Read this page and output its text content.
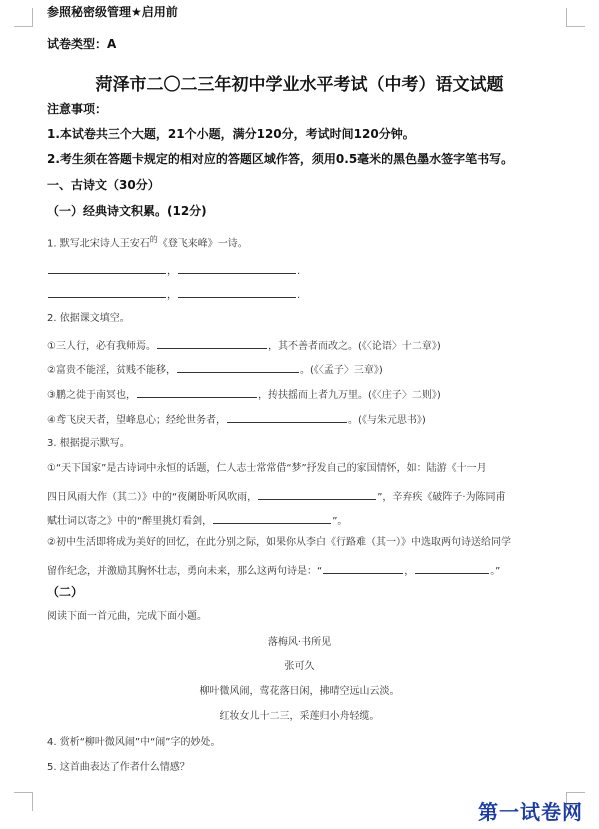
参照秘密级管理★启用前
试卷类型：A
菏泽市二〇二三年初中学业水平考试（中考）语文试题
注意事项：
1.本试卷共三个大题，21个小题，满分120分，考试时间120分钟。
2.考生须在答题卡规定的相对应的答题区域作答，须用0.5毫米的黑色墨水签字笔书写。
一、古诗文（30分）
（一）经典诗文积累。(12分)
1. 默写北宋诗人王安石$^的$《登飞来峰》一诗。
，	.
，	.
2. 依据课文填空。
①三人行，必有我师焉。	，其不善者而改之。(《〈论语〉十二章》)
②富贵不能淫，贫贱不能移，	。(《〈孟子〉三章》)
③鹏之徙于南冥也，	，抟扶摇而上者九万里。(《〈庄子〉二则》)
④鸢飞戾天者，望峰息心；经纶世务者，	。(《与朱元思书》)
3. 根据提示默写。
①“天下国家”是古诗词中永恒的话题，仁人志士常常借“梦”抒发自己的家国情怀，如：陆游《十一月
四日风雨大作（其二）》中的“夜阑卧听风吹雨，	”，辛弃疾《破阵子·为陈同甫
赋壮词以寄之》中的“醉里挑灯看剑，	”。
②初中生活即将成为美好的回忆，在此分别之际，如果你从李白《行路难（其一）》中选取两句诗送给同学
留作纪念，并激励其胸怀壮志，勇向未来，那么这两句诗是：“	，	。”
（二）
阅读下面一首元曲，完成下面小题。
落梅风·书所见
张可久
柳叶微风闹，莺花落日闲，拂晴空远山云淡。
红妆女儿十二三，采莲归小舟轻缆。
4. 赏析“柳叶微风闹”中“闹”字的妙处。
5. 这首曲表达了作者什么情感？
第一试卷网
